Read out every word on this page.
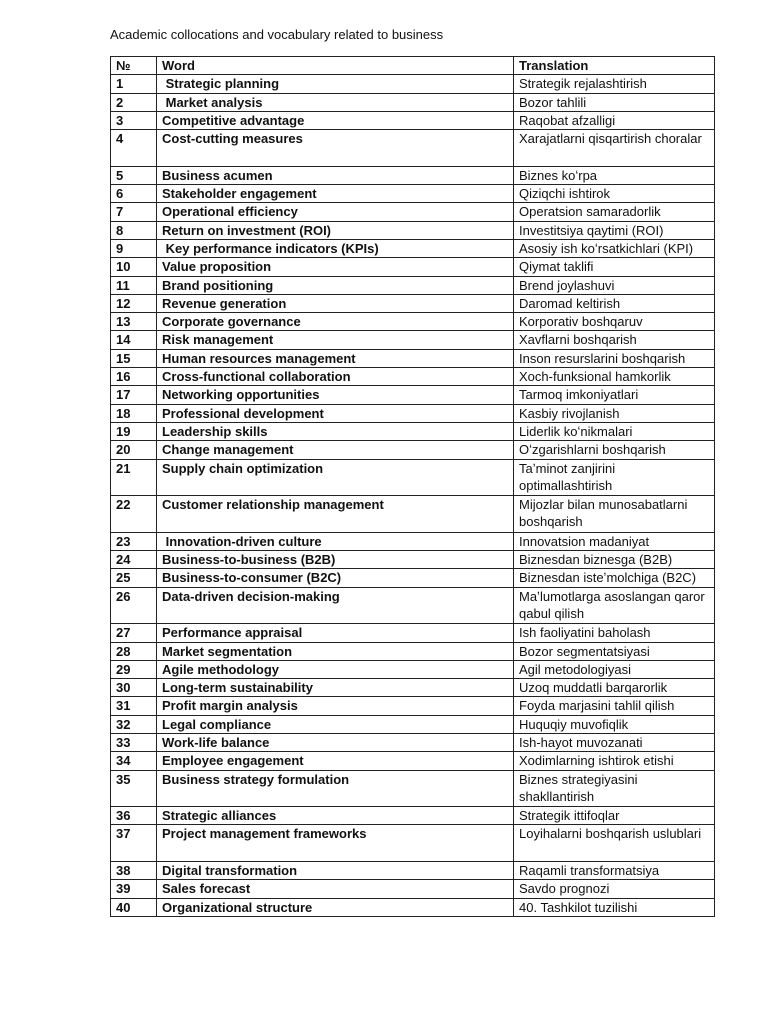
Academic collocations and vocabulary related to business
№	Word	Translation
1	Strategic planning	Strategik rejalashtirish
2	Market analysis	Bozor tahlili
3	Competitive advantage	Raqobat afzalligi
4	Cost-cutting measures	Xarajatlarni qisqartirish choralar
5	Business acumen	Biznes koʻrpa
6	Stakeholder engagement	Qiziqchi ishtirok
7	Operational efficiency	Operatsion samaradorlik
8	Return on investment (ROI)	Investitsiya qaytimi (ROI)
9	Key performance indicators (KPIs)	Asosiy ish koʻrsatkichlari (KPI)
10	Value proposition	Qiymat taklifi
11	Brand positioning	Brend joylashuvi
12	Revenue generation	Daromad keltirish
13	Corporate governance	Korporativ boshqaruv
14	Risk management	Xavflarni boshqarish
15	Human resources management	Inson resurslarini boshqarish
16	Cross-functional collaboration	Xoch-funksional hamkorlik
17	Networking opportunities	Tarmoq imkoniyatlari
18	Professional development	Kasbiy rivojlanish
19	Leadership skills	Liderlik koʻnikmalari
20	Change management	Oʻzgarishlarni boshqarish
21	Supply chain optimization	Taʼminot zanjirini optimallashtirish
22	Customer relationship management	Mijozlar bilan munosabatlarni boshqarish
23	Innovation-driven culture	Innovatsion madaniyat
24	Business-to-business (B2B)	Biznesdan biznesga (B2B)
25	Business-to-consumer (B2C)	Biznesdan isteʼmolchiga (B2C)
26	Data-driven decision-making	Maʼlumotlarga asoslangan qaror qabul qilish
27	Performance appraisal	Ish faoliyatini baholash
28	Market segmentation	Bozor segmentatsiyasi
29	Agile methodology	Agil metodologiyasi
30	Long-term sustainability	Uzoq muddatli barqarorlik
31	Profit margin analysis	Foyda marjasini tahlil qilish
32	Legal compliance	Huquqiy muvofiqlik
33	Work-life balance	Ish-hayot muvozanati
34	Employee engagement	Xodimlarning ishtirok etishi
35	Business strategy formulation	Biznes strategiyasini shakllantirish
36	Strategic alliances	Strategik ittifoqlar
37	Project management frameworks	Loyihalarni boshqarish uslublari
38	Digital transformation	Raqamli transformatsiya
39	Sales forecast	Savdo prognozi
40	Organizational structure	40. Tashkilot tuzilishi
